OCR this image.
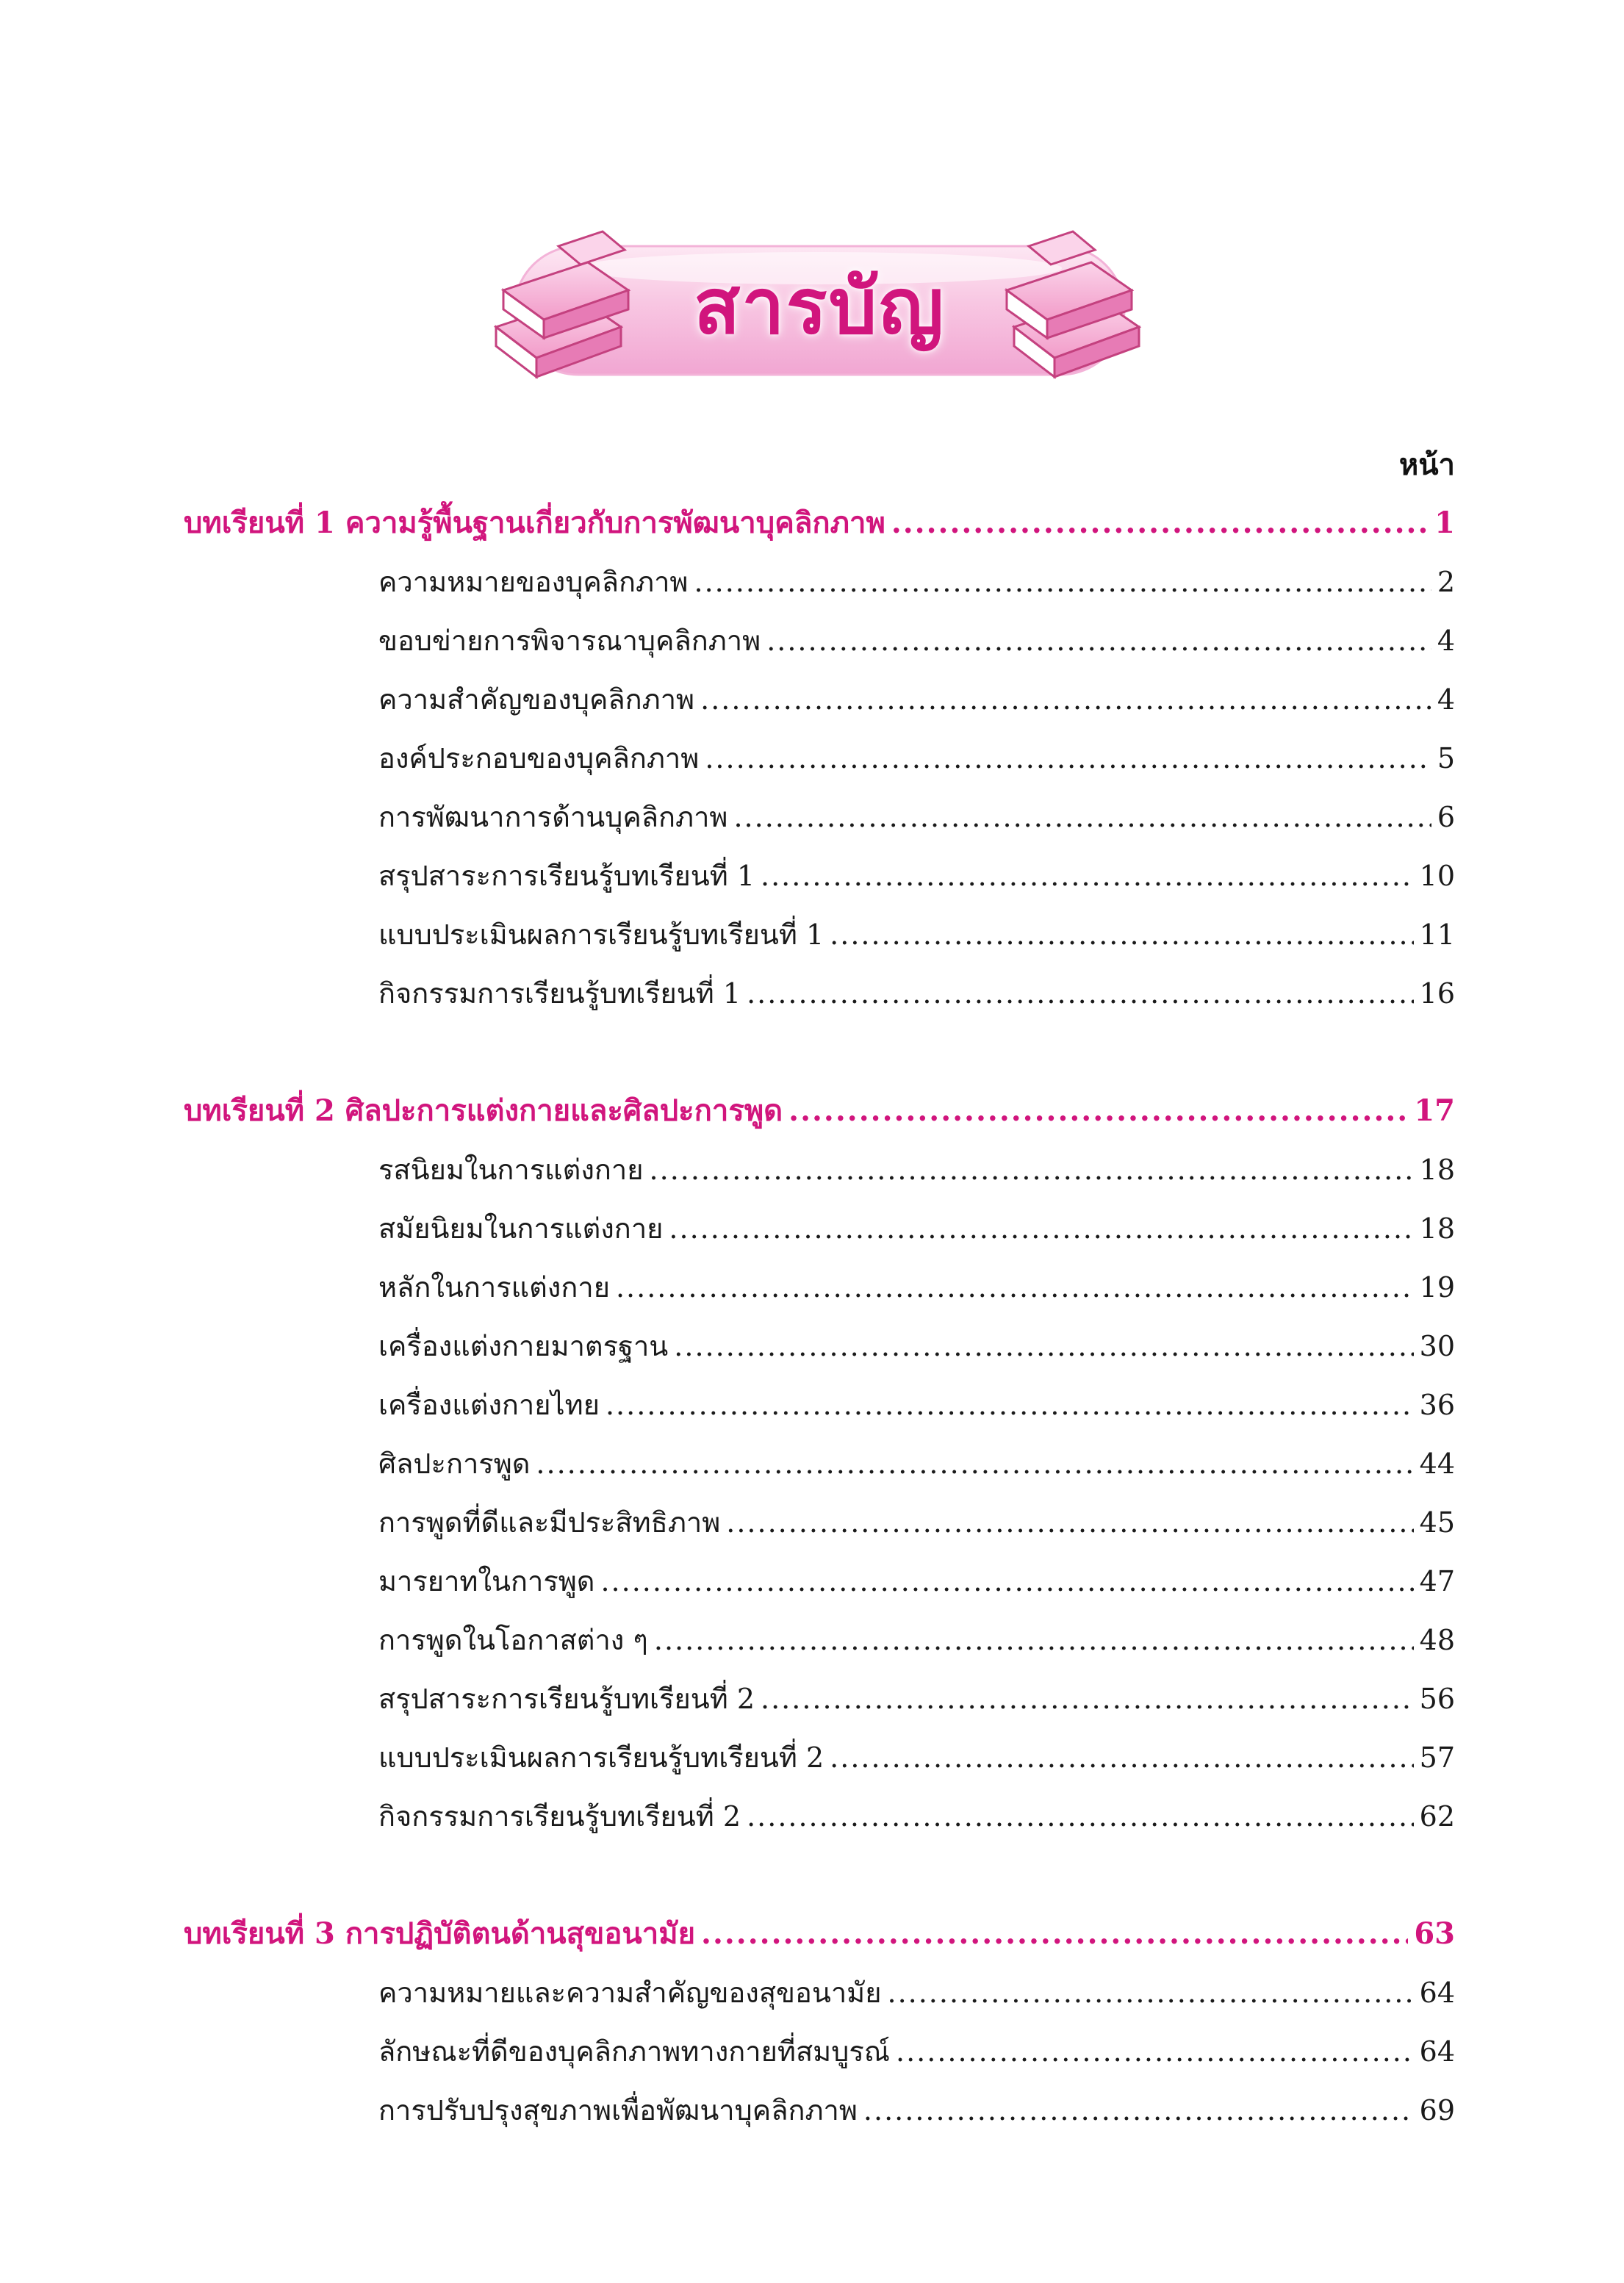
สารบัญ
หน้า
บทเรียนที่ 1 ความรู้พื้นฐานเกี่ยวกับการพัฒนาบุคลิกภาพ .....	1
ความหมายของบุคลิกภาพ .....	2
ขอบข่ายการพิจารณาบุคลิกภาพ .....	4
ความสำคัญของบุคลิกภาพ .....	4
องค์ประกอบของบุคลิกภาพ .....	5
การพัฒนาการด้านบุคลิกภาพ .....	6
สรุปสาระการเรียนรู้บทเรียนที่ 1 .....	10
แบบประเมินผลการเรียนรู้บทเรียนที่ 1 .....	11
กิจกรรมการเรียนรู้บทเรียนที่ 1 .....	16
บทเรียนที่ 2 ศิลปะการแต่งกายและศิลปะการพูด .....	17
รสนิยมในการแต่งกาย .....	18
สมัยนิยมในการแต่งกาย .....	18
หลักในการแต่งกาย .....	19
เครื่องแต่งกายมาตรฐาน .....	30
เครื่องแต่งกายไทย .....	36
ศิลปะการพูด .....	44
การพูดที่ดีและมีประสิทธิภาพ .....	45
มารยาทในการพูด .....	47
การพูดในโอกาสต่าง ๆ .....	48
สรุปสาระการเรียนรู้บทเรียนที่ 2 .....	56
แบบประเมินผลการเรียนรู้บทเรียนที่ 2 .....	57
กิจกรรมการเรียนรู้บทเรียนที่ 2 .....	62
บทเรียนที่ 3 การปฏิบัติตนด้านสุขอนามัย .....	63
ความหมายและความสำคัญของสุขอนามัย .....	64
ลักษณะที่ดีของบุคลิกภาพทางกายที่สมบูรณ์ .....	64
การปรับปรุงสุขภาพเพื่อพัฒนาบุคลิกภาพ .....	69
